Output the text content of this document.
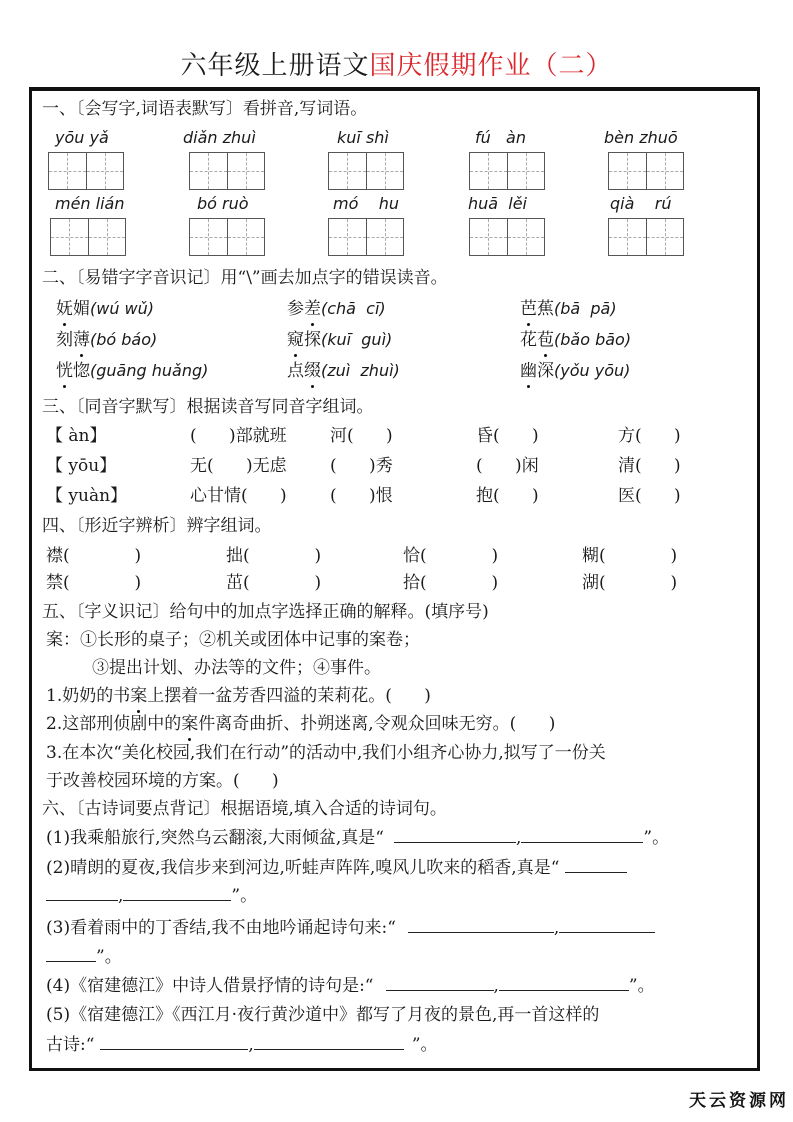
六年级上册语文国庆假期作业（二）
一、〔会写字,词语表默写〕看拼音,写词语。
yōu yǎ	diǎn zhuì	kuī shì	fú   àn	bèn zhuō
mén lián	bó ruò	mó    hu	huā  lěi	qià    rú
二、〔易错字字音识记〕用“\”画去加点字的错误读音。
妩媚(wú wǔ)	参差(chā  cī)	芭蕉(bā  pā)
刻薄(bó báo)	窥探(kuī  guì)	花苞(bǎo bāo)
恍惚(guāng huǎng)	点缀(zuì  zhuì)	幽深(yǒu yōu)
三、〔同音字默写〕根据读音写同音字组词。
【 àn】	(      )部就班	河(      )	昏(      )	方(      )
【 yōu】	无(      )无虑	(      )秀	(      )闲	清(      )
【 yuàn】	心甘情(      )	(      )恨	抱(      )	医(      )
四、〔形近字辨析〕辨字组词。
襟(            )	拙(            )	恰(            )	糊(            )
禁(            )	茁(            )	拾(            )	湖(            )
五、〔字义识记〕给句中的加点字选择正确的解释。(填序号)
案：①长形的桌子；②机关或团体中记事的案卷；
③提出计划、办法等的文件；④事件。
1.奶奶的书案上摆着一盆芳香四溢的茉莉花。(      )
2.这部刑侦剧中的案件离奇曲折、扑朔迷离,令观众回味无穷。(      )
3.在本次“美化校园,我们在行动”的活动中,我们小组齐心协力,拟写了一份关
于改善校园环境的方案。(      )
六、〔古诗词要点背记〕根据语境,填入合适的诗词句。
(1)我乘船旅行,突然乌云翻滚,大雨倾盆,真是“	,	”。
(2)晴朗的夏夜,我信步来到河边,听蛙声阵阵,嗅风儿吹来的稻香,真是“
,	”。
(3)看着雨中的丁香结,我不由地吟诵起诗句来:“	,
”。
(4)《宿建德江》中诗人借景抒情的诗句是:“	,	”。
(5)《宿建德江》《西江月·夜行黄沙道中》都写了月夜的景色,再一首这样的
古诗:“	,	”。
天云资源网
